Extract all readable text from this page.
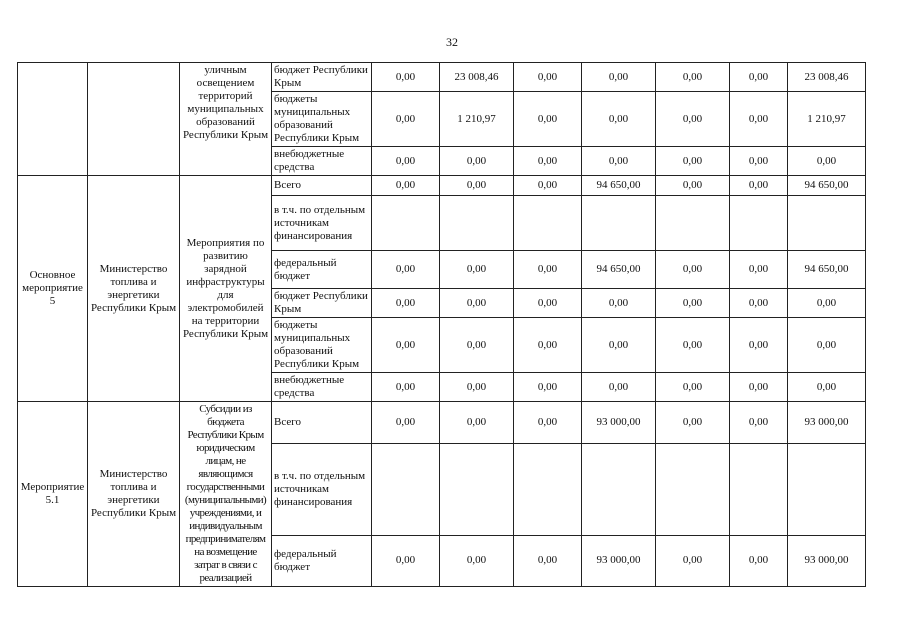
32
		уличным освещением территорий муниципальных образований Республики Крым	бюджет Республики Крым	0,00	23 008,46	0,00	0,00	0,00	0,00	23 008,46
			бюджеты муниципальных образований Республики Крым	0,00	1 210,97	0,00	0,00	0,00	0,00	1 210,97
			внебюджетные средства	0,00	0,00	0,00	0,00	0,00	0,00	0,00
Основное мероприятие 5	Министерство топлива и энергетики Республики Крым	Мероприятия по развитию зарядной инфраструктуры для электромобилей на территории Республики Крым	Всего	0,00	0,00	0,00	94 650,00	0,00	0,00	94 650,00
			в т.ч. по отдельным источникам финансирования							
			федеральный бюджет	0,00	0,00	0,00	94 650,00	0,00	0,00	94 650,00
			бюджет Республики Крым	0,00	0,00	0,00	0,00	0,00	0,00	0,00
			бюджеты муниципальных образований Республики Крым	0,00	0,00	0,00	0,00	0,00	0,00	0,00
			внебюджетные средства	0,00	0,00	0,00	0,00	0,00	0,00	0,00
Мероприятие 5.1	Министерство топлива и энергетики Республики Крым	Субсидии из бюджета Республики Крым юридическим лицам, не являющимся государственными (муниципальными) учреждениями, и индивидуальным предпринимателям на возмещение затрат в связи с реализацией	Всего	0,00	0,00	0,00	93 000,00	0,00	0,00	93 000,00
			в т.ч. по отдельным источникам финансирования							
			федеральный бюджет	0,00	0,00	0,00	93 000,00	0,00	0,00	93 000,00
